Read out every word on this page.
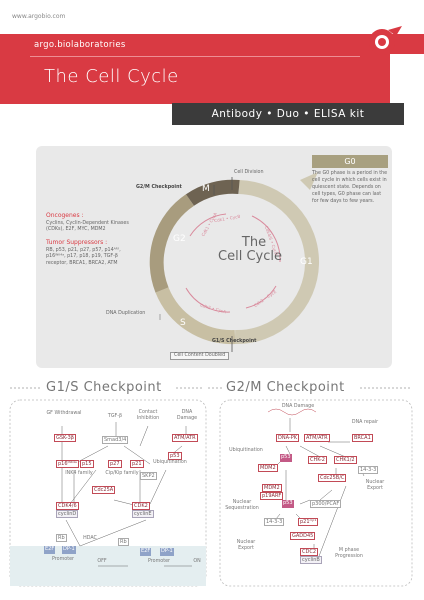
www.argobio.com
argo.biolaboratories
The Cell Cycle
Antibody • Duo • ELISA kit
The
Cell Cycle
M
G1
G2
S
Cdk1 • CycA
Cdk4/6 • CycD
Cdk2 • CycE
Cdk2 • CycA
Cdk1 • CycB
Cell Division
G2/M Checkpoint
G1/S Checkpoint
DNA Duplication
Cell Content Doubled
Oncogenes :
Cyclins, Cyclin-Dependent Kinases (CDKs), E2F, MYC, MDM2
Tumor Suppressors :
RB, p53, p21, p27, p57, p14ᴬᴿᶠ, p16ᴵᴺᴷ⁴ᵃ, p17, p18, p19, TGF-β receptor, BRCA1, BRCA2, ATM
G0
The G0 phase is a period in the cell cycle in which cells exist in quiescent state. Depends on cell types, G0 phase can last for few days to few years.
G1/S Checkpoint	G2/M Checkpoint
GF Withdrawal
TGF-β
Contact Inhibition
DNA Damage
GSK-3β	Smad3/4	ATM/ATR
p53
p16ᴵᴺᴷ⁴ᵃ	p15	p27	p21	Ubiquitination
INK4 family	Cip/Kip family SKP2
Cdc25A
CDK4/6
cyclinD
CDK2
cyclinE
Rb
E2F DP-1
Promoter
HDAC
OFF
Rb
E2F DP-1
Promoter	ON
DNA Damage
DNA repair
DNA-PK	ATM/ATR	BRCA1
Ubiquitination
p53	CHK-2	CHK1/2
MDM2
Cdc25B/C
14-3-3
Nuclear Export
MDM2
p19ARF
Nuclear Sequestration
p53	p300/PCAF
14-3-3	p21ᶜⁱᵖ¹
GADD45
Nuclear Export
CDC2
cyclinB
M phase Progression
